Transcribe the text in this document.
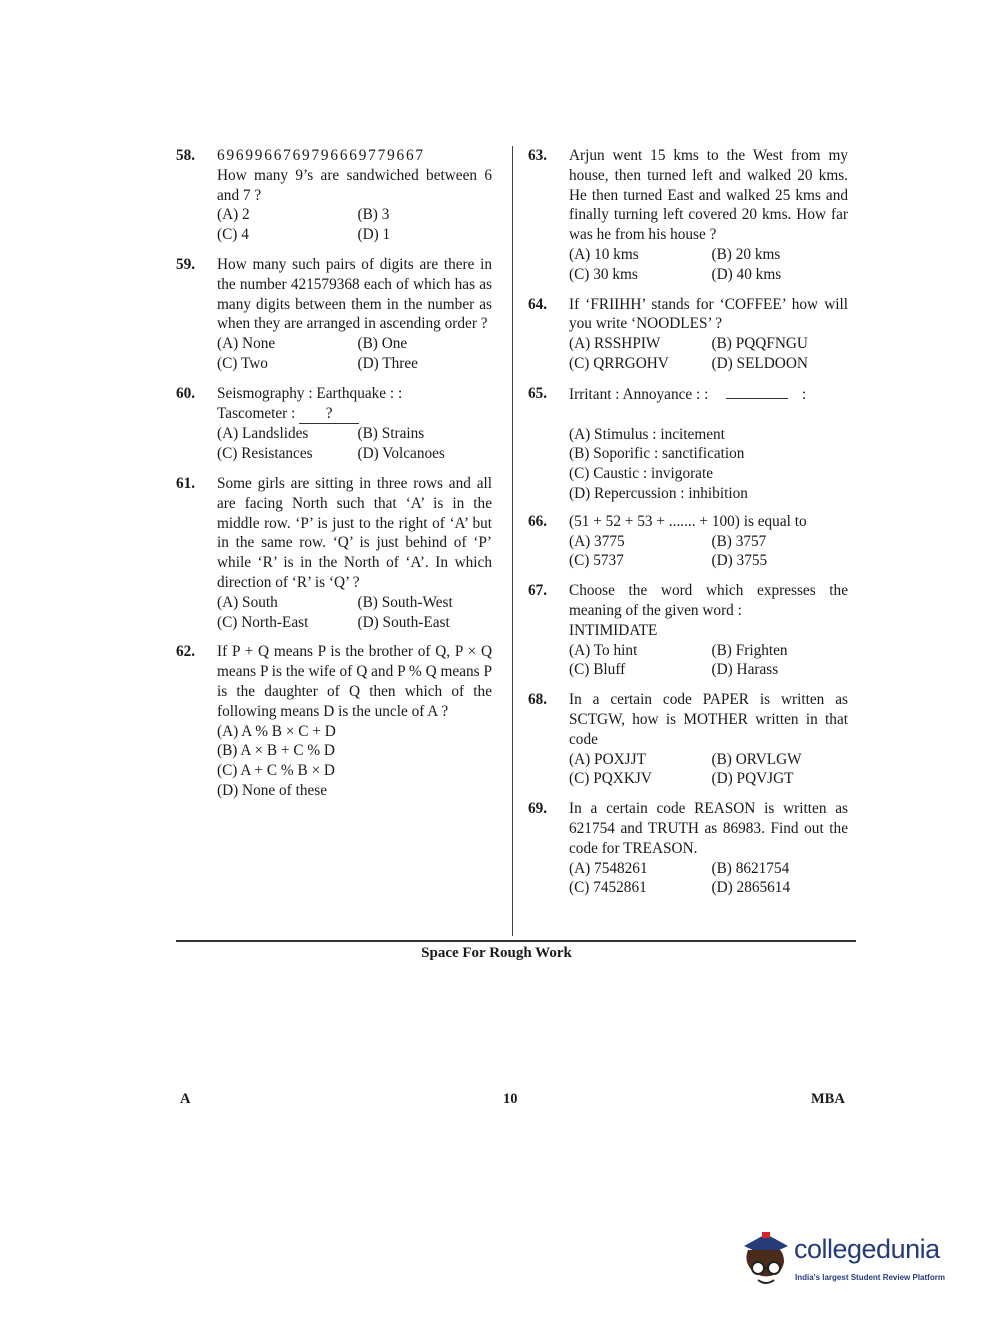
58. 6969966769796669779667
How many 9’s are sandwiched between 6 and 7 ?
(A) 2	(B) 3
(C) 4	(D) 1
59. How many such pairs of digits are there in the number 421579368 each of which has as many digits between them in the number as when they are arranged in ascending order ?
(A) None	(B) One
(C) Two	(D) Three
60. Seismography : Earthquake : :
Tascometer : ?
(A) Landslides	(B) Strains
(C) Resistances	(D) Volcanoes
61. Some girls are sitting in three rows and all are facing North such that ‘A’ is in the middle row. ‘P’ is just to the right of ‘A’ but in the same row. ‘Q’ is just behind of ‘P’ while ‘R’ is in the North of ‘A’. In which direction of ‘R’ is ‘Q’ ?
(A) South	(B) South-West
(C) North-East	(D) South-East
62. If P + Q means P is the brother of Q, P × Q means P is the wife of Q and P % Q means P is the daughter of Q then which of the following means D is the uncle of A ?
(A) A % B × C + D
(B) A × B + C % D
(C) A + C % B × D
(D) None of these
63. Arjun went 15 kms to the West from my house, then turned left and walked 20 kms. He then turned East and walked 25 kms and finally turning left covered 20 kms. How far was he from his house ?
(A) 10 kms	(B) 20 kms
(C) 30 kms	(D) 40 kms
64. If ‘FRIIHH’ stands for ‘COFFEE’ how will you write ‘NOODLES’ ?
(A) RSSHPIW	(B) PQQFNGU
(C) QRRGOHV	(D) SELDOON
65. Irritant : Annoyance : :	:
(A) Stimulus : incitement
(B) Soporific : sanctification
(C) Caustic : invigorate
(D) Repercussion : inhibition
66. (51 + 52 + 53 + ....... + 100) is equal to
(A) 3775	(B) 3757
(C) 5737	(D) 3755
67. Choose the word which expresses the meaning of the given word :
INTIMIDATE
(A) To hint	(B) Frighten
(C) Bluff	(D) Harass
68. In a certain code PAPER is written as SCTGW, how is MOTHER written in that code
(A) POXJJT	(B) ORVLGW
(C) PQXKJV	(D) PQVJGT
69. In a certain code REASON is written as 621754 and TRUTH as 86983. Find out the code for TREASON.
(A) 7548261	(B) 8621754
(C) 7452861	(D) 2865614
Space For Rough Work
A	10	MBA
collegedunia
India's largest Student Review Platform
